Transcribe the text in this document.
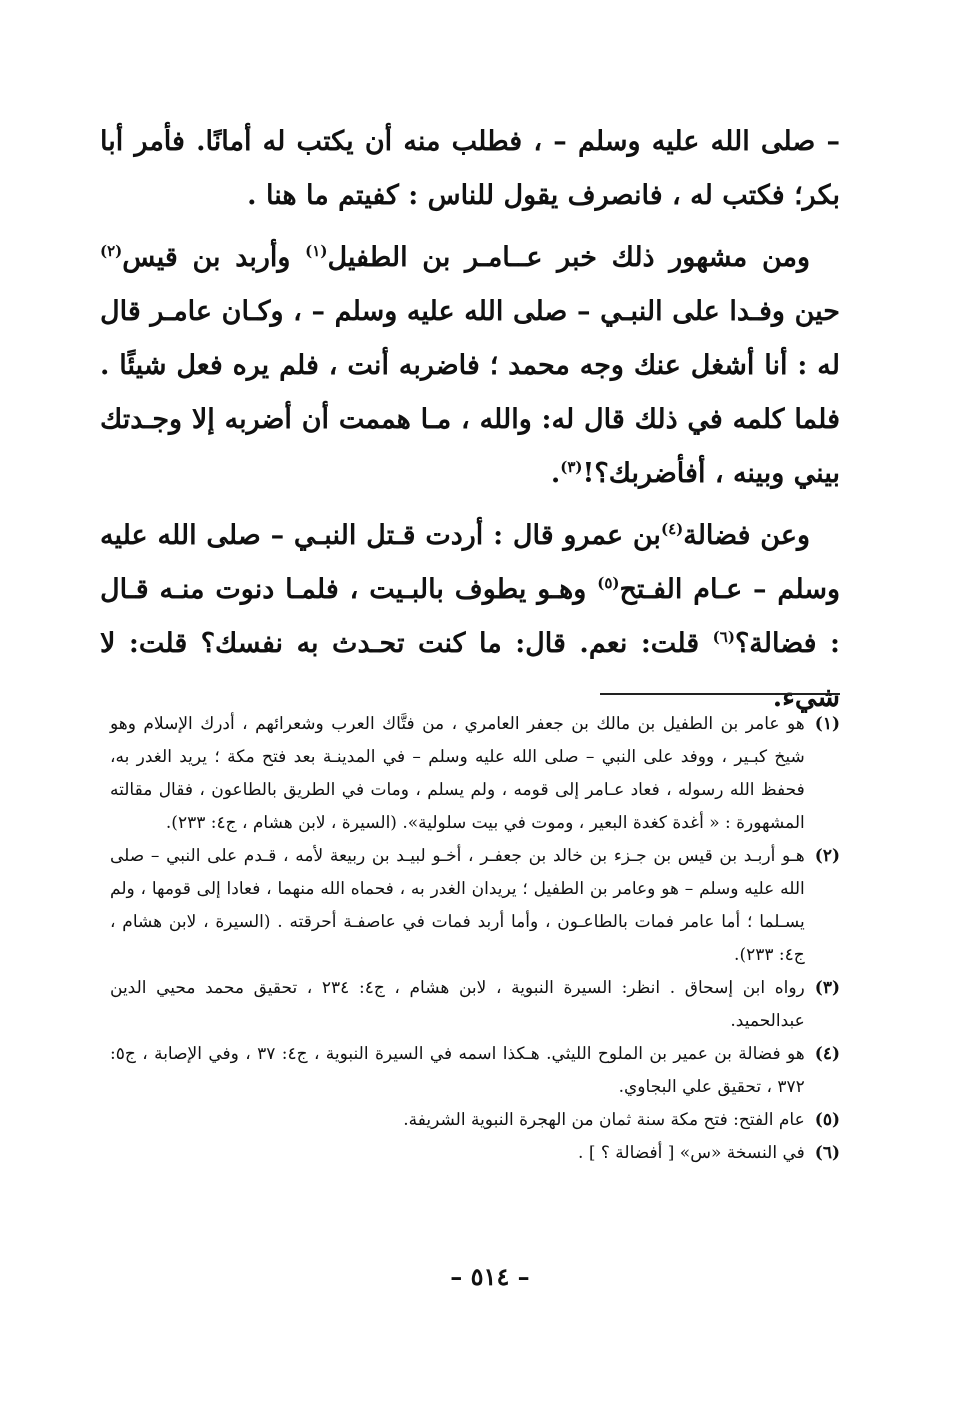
– صلى الله عليه وسلم – ، فطلب منه أن يكتب له أمانًا. فأمر أبا بكر؛ فكتب له ، فانصرف يقول للناس : كفيتم ما هنا .

ومن مشهور ذلك خبر عــامـر بن الطفيل$^{(١)}$ وأربد بن قيس$^{(٢)}$ حين وفـدا على النبـي – صلى الله عليه وسلم – ، وكـان عامـر قال له : أنا أشغل عنك وجه محمد ؛ فاضربه أنت ، فلم يره فعل شيئًا . فلما كلمه في ذلك قال له: والله ، مـا هممت أن أضربه إلا وجـدتك بيني وبينه ، أفأضربك؟!$^{(٣)}$.

وعن فضالة$^{(٤)}$بن عمرو قال : أردت قـتل النبـي – صلى الله عليه وسلم – عـام الفـتح$^{(٥)}$ وهـو يطوف بالبـيت ، فلمـا دنوت منـه قـال : فضالة؟$^{(٦)}$ قلت: نعم. قال: ما كنت تحـدث به نفسك؟ قلت: لا شيء.

(١)
هو عامر بن الطفيل بن مالك بن جعفر العامري ، من فتَّاك العرب وشعرائهم ، أدرك الإسلام وهو شيخ كبـير ، ووفد على النبي – صلى الله عليه وسلم – في المدينـة بعد فتح مكة ؛ يريد الغدر به، فحفظ الله رسوله ، فعاد عـامر إلى قومه ، ولم يسلم ، ومات في الطريق بالطاعون ، فقال مقالته المشهورة : « أغدة كغدة البعير ، وموت في بيت سلولية». (السيرة ، لابن هشام ، ج٤: ٢٣٣).
(٢)
هـو أربـد بن قيس بن جـزء بن خالد بن جعفـر ، أخـو لبيـد بن ربيعة لأمه ، قـدم على النبي – صلى الله عليه وسلم – هو وعامر بن الطفيل ؛ يريدان الغدر به ، فحماه الله منهما ، فعادا إلى قومها ، ولم يسـلما ؛ أما عامر فمات بالطاعـون ، وأما أربد فمات في عاصفـة أحرقته . (السيرة ، لابن هشام ، ج٤: ٢٣٣).
(٣)
رواه ابن إسحاق . انظر: السيرة النبوية ، لابن هشام ، ج٤: ٢٣٤ ، تحقيق محمد محيي الدين عبدالحميد.
(٤)
هو فضالة بن عمير بن الملوح الليثي. هـكذا اسمه في السيرة النبوية ، ج٤: ٣٧ ، وفي الإصابة ، ج٥: ٣٧٢ ، تحقيق علي البجاوي.
(٥)
عام الفتح: فتح مكة سنة ثمان من الهجرة النبوية الشريفة.
(٦)
في النسخة «س» [ أفضالة ؟ ] .
– ٥١٤ –
